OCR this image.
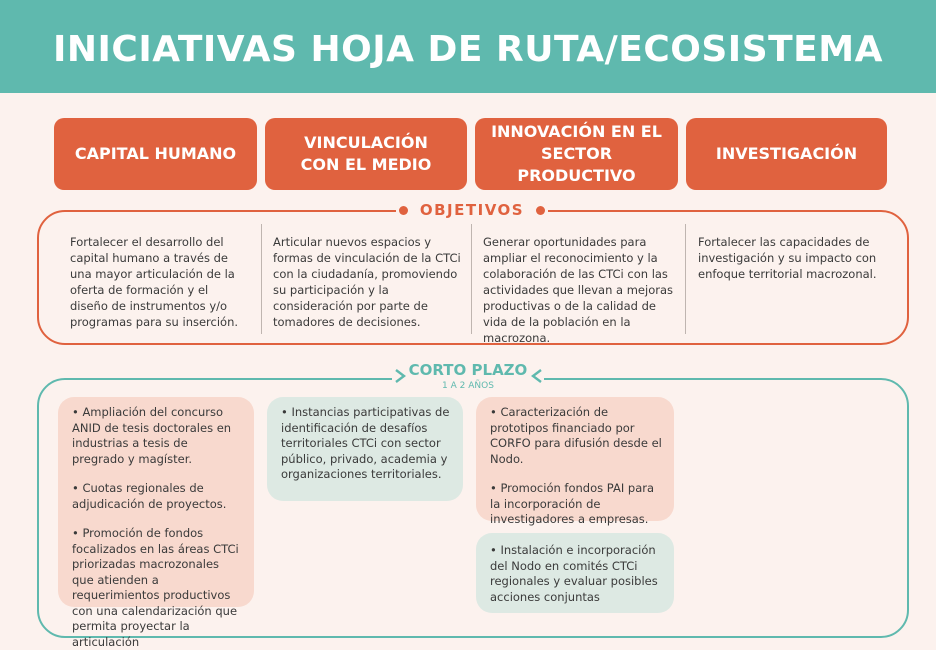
INICIATIVAS HOJA DE RUTA/ECOSISTEMA
CAPITAL HUMANO
VINCULACIÓN CON EL MEDIO
INNOVACIÓN EN EL SECTOR PRODUCTIVO
INVESTIGACIÓN
OBJETIVOS
Fortalecer el desarrollo del capital humano a través de una mayor articulación de la oferta de formación y el diseño de instrumentos y/o programas para su inserción.
Articular nuevos espacios y formas de vinculación de la CTCi con la ciudadanía, promoviendo su participación y la consideración por parte de tomadores de decisiones.
Generar oportunidades para ampliar el reconocimiento y la colaboración de las CTCi con las actividades que llevan a mejoras productivas o de la calidad de vida de la población en la macrozona.
Fortalecer las capacidades de investigación y su impacto con enfoque territorial macrozonal.
CORTO PLAZO
1 A 2 AÑOS

• Ampliación del concurso ANID de tesis doctorales en industrias a tesis de pregrado y magíster.

• Cuotas regionales de adjudicación de proyectos.

• Promoción de fondos focalizados en las áreas CTCi priorizadas macrozonales que atienden a requerimientos productivos con una calendarización que permita proyectar la articulación

• Instancias participativas de identificación de desafíos territoriales CTCi con sector público, privado, academia y organizaciones territoriales.

• Caracterización de prototipos financiado por CORFO para difusión desde el Nodo.

• Promoción fondos PAI para la incorporación de investigadores a empresas.

• Instalación e incorporación del Nodo en comités CTCi regionales y evaluar posibles acciones conjuntas
